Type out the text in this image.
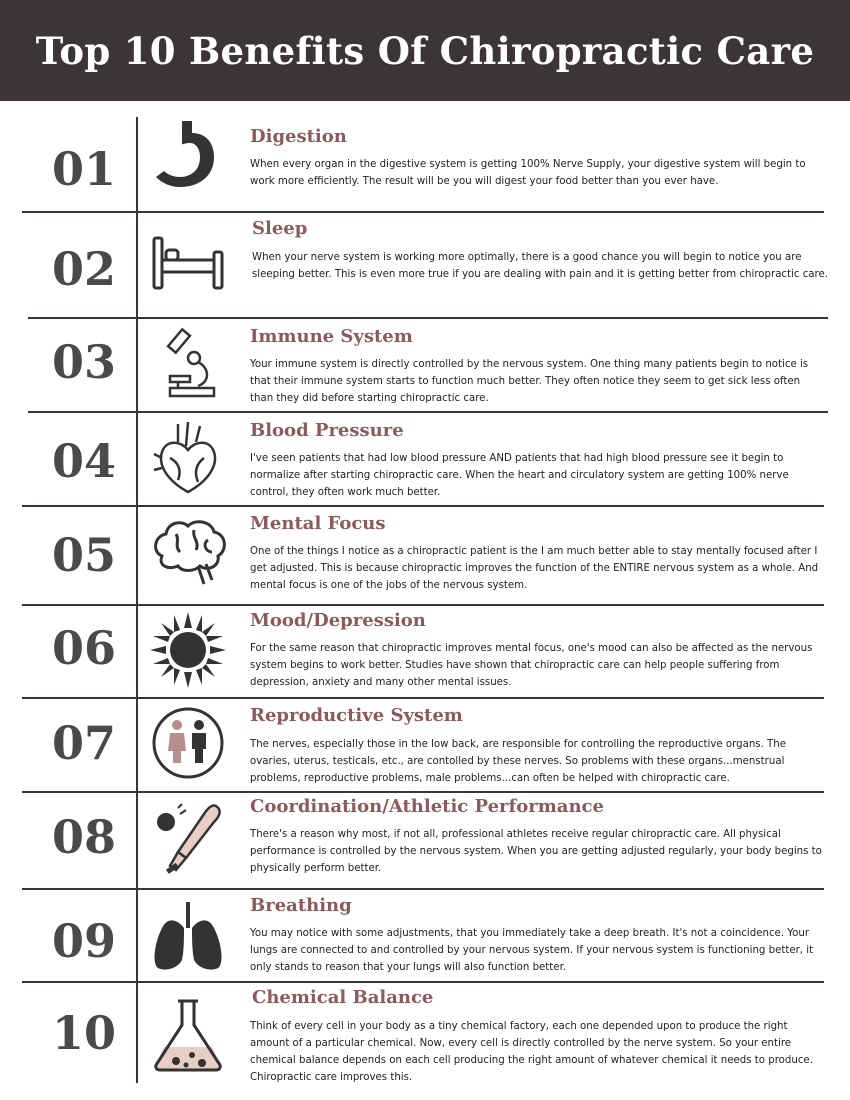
Top 10 Benefits Of Chiropractic Care
01
Digestion
When every organ in the digestive system is getting 100% Nerve Supply, your digestive system will begin to work more efficiently. The result will be you will digest your food better than you ever have.
02
Sleep
When your nerve system is working more optimally, there is a good chance you will begin to notice you are sleeping better. This is even more true if you are dealing with pain and it is getting better from chiropractic care.
03	Immune System
Your immune system is directly controlled by the nervous system. One thing many patients begin to notice is that their immune system starts to function much better. They often notice they seem to get sick less often than they did before starting chiropractic care.
04
Blood Pressure
I've seen patients that had low blood pressure AND patients that had high blood pressure see it begin to normalize after starting chiropractic care. When the heart and circulatory system are getting 100% nerve control, they often work much better.
05
Mental Focus
One of the things I notice as a chiropractic patient is the I am much better able to stay mentally focused after I get adjusted. This is because chiropractic improves the function of the ENTIRE nervous system as a whole. And mental focus is one of the jobs of the nervous system.
06
Mood/Depression
For the same reason that chiropractic improves mental focus, one's mood can also be affected as the nervous system begins to work better. Studies have shown that chiropractic care can help people suffering from depression, anxiety and many other mental issues.
07
Reproductive System
The nerves, especially those in the low back, are responsible for controlling the reproductive organs. The ovaries, uterus, testicals, etc., are contolled by these nerves. So problems with these organs...menstrual problems, reproductive problems, male problems...can often be helped with chiropractic care.
08
Coordination/Athletic Performance
There's a reason why most, if not all, professional athletes receive regular chiropractic care. All physical performance is controlled by the nervous system. When you are getting adjusted regularly, your body begins to physically perform better.
09
Breathing
You may notice with some adjustments, that you immediately take a deep breath. It's not a coincidence. Your lungs are connected to and controlled by your nervous system. If your nervous system is functioning better, it only stands to reason that your lungs will also function better.
10
Chemical Balance
Think of every cell in your body as a tiny chemical factory, each one depended upon to produce the right amount of a particular chemical. Now, every cell is directly controlled by the nerve system. So your entire chemical balance depends on each cell producing the right amount of whatever chemical it needs to produce. Chiropractic care improves this.
